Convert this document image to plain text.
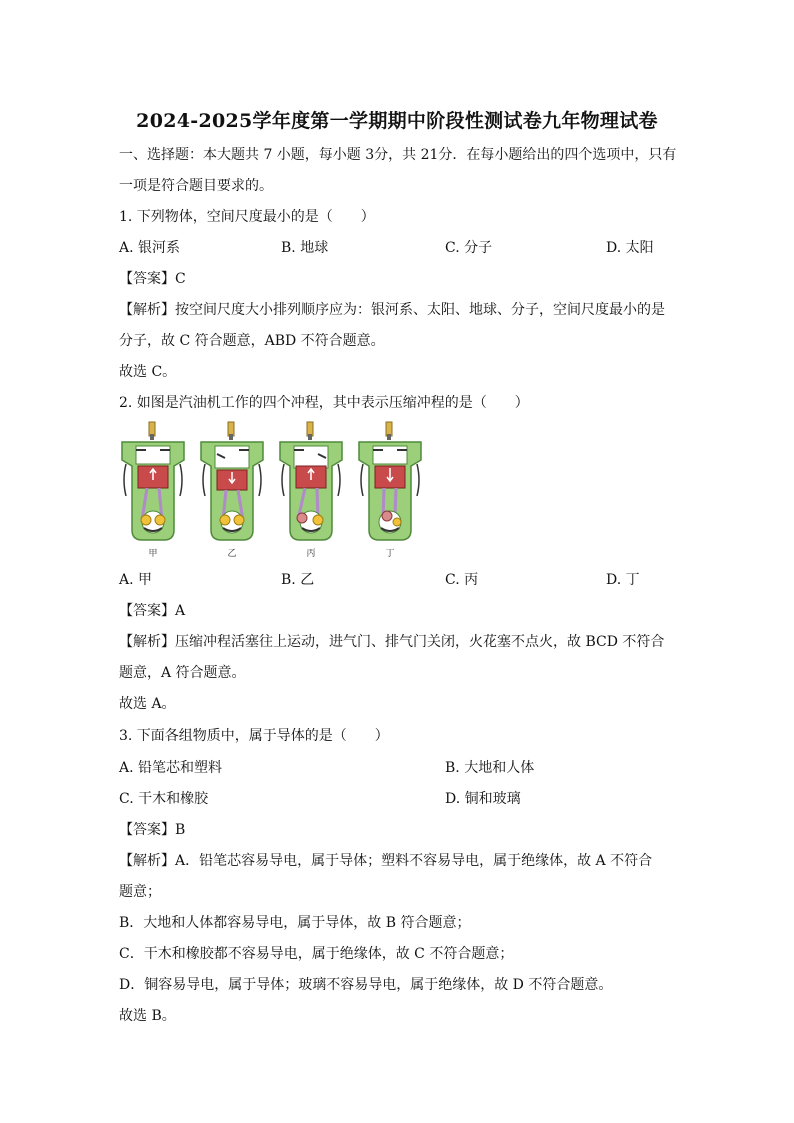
2024-2025学年度第一学期期中阶段性测试卷九年物理试卷
一、选择题：本大题共 7 小题，每小题 3分，共 21分．在每小题给出的四个选项中，只有
一项是符合题目要求的。
1. 下列物体，空间尺度最小的是（　　）
A. 银河系	B. 地球	C. 分子	D. 太阳
【答案】C
【解析】按空间尺度大小排列顺序应为：银河系、太阳、地球、分子，空间尺度最小的是
分子，故 C 符合题意，ABD 不符合题意。
故选 C。
2. 如图是汽油机工作的四个冲程，其中表示压缩冲程的是（　　）
甲	乙	丙	丁
A. 甲	B. 乙	C. 丙	D. 丁
【答案】A
【解析】压缩冲程活塞往上运动，进气门、排气门关闭，火花塞不点火，故 BCD 不符合
题意，A 符合题意。
故选 A。
3. 下面各组物质中，属于导体的是（　　）
A. 铅笔芯和塑料	B. 大地和人体
C. 干木和橡胶	D. 铜和玻璃
【答案】B
【解析】A．铅笔芯容易导电，属于导体；塑料不容易导电，属于绝缘体，故 A 不符合
题意；
B．大地和人体都容易导电，属于导体，故 B 符合题意；
C．干木和橡胶都不容易导电，属于绝缘体，故 C 不符合题意；
D．铜容易导电，属于导体；玻璃不容易导电，属于绝缘体，故 D 不符合题意。
故选 B。
